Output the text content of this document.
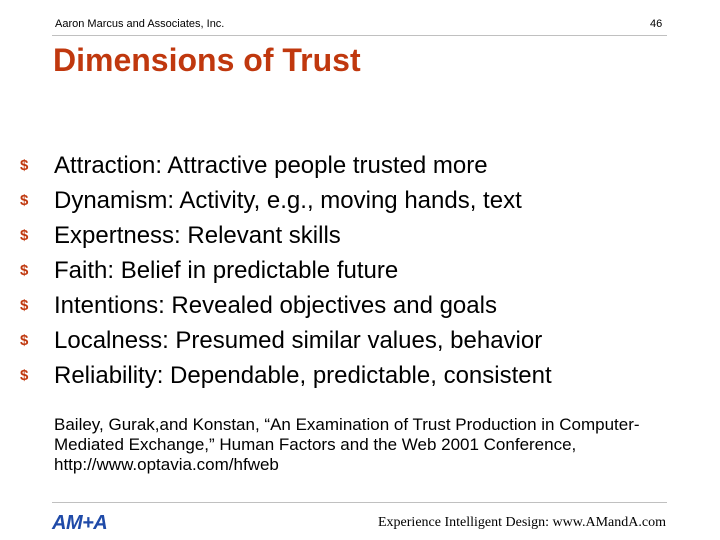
Aaron Marcus and Associates, Inc.	46
Dimensions of Trust
$	Attraction: Attractive people trusted more
$	Dynamism: Activity, e.g., moving hands, text
$	Expertness: Relevant skills
$	Faith: Belief in predictable future
$	Intentions: Revealed objectives and goals
$	Localness: Presumed similar values, behavior
$	Reliability: Dependable, predictable, consistent

Bailey, Gurak,and Konstan, “An Examination of Trust Production in Computer-Mediated Exchange,” Human Factors and the Web 2001 Conference, http://www.optavia.com/hfweb

AM+A	Experience Intelligent Design: www.AMandA.com
